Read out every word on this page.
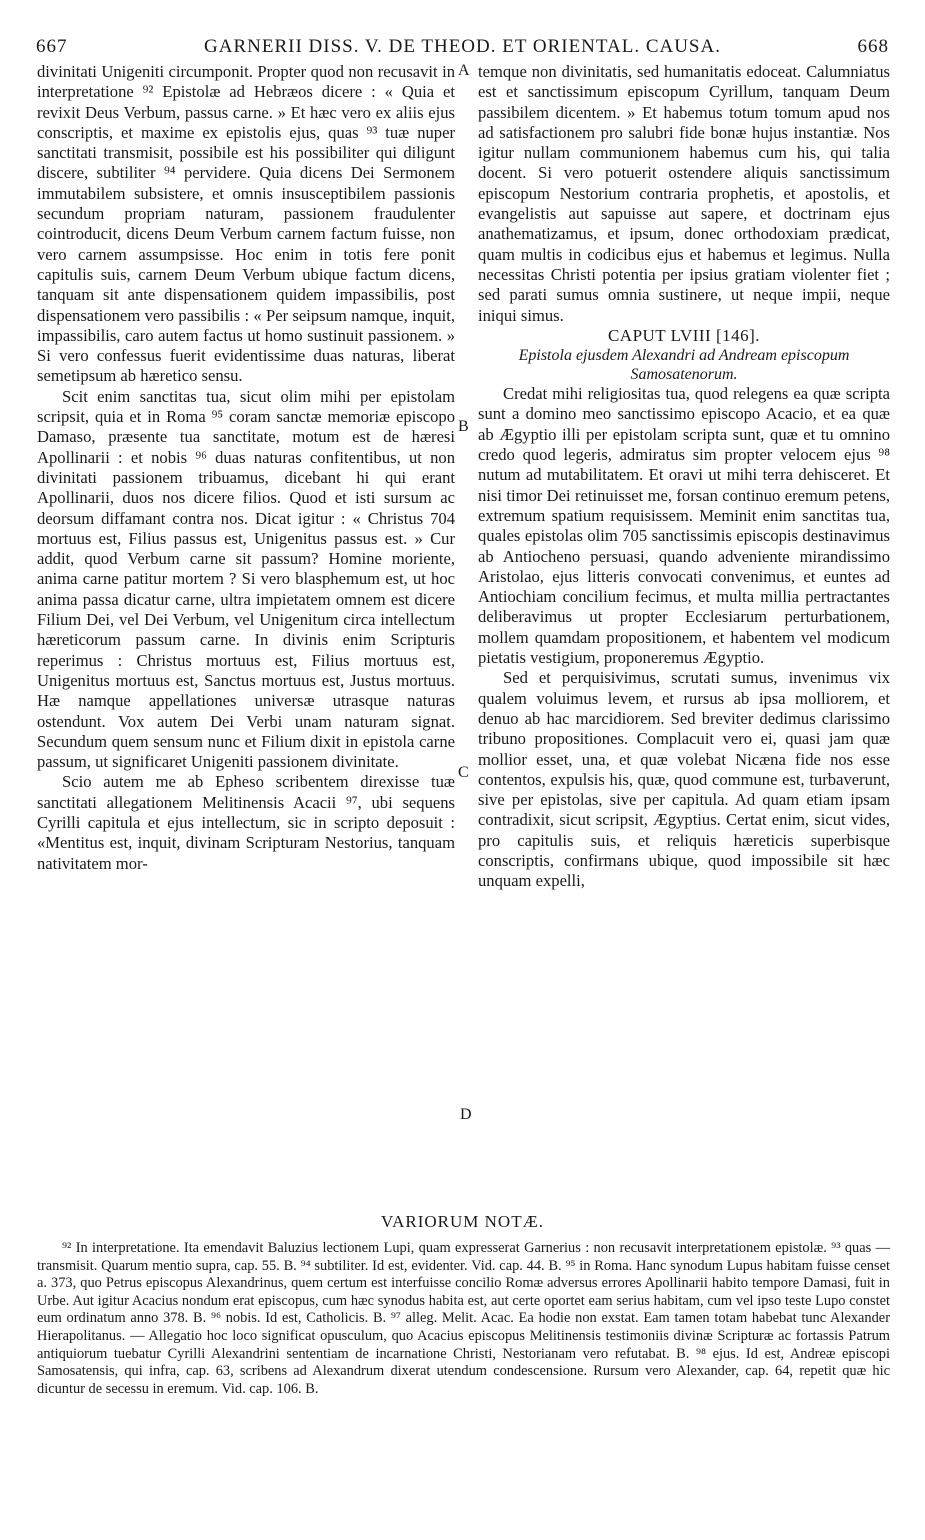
667	GARNERII DISS. V. DE THEOD. ET ORIENTAL. CAUSA.	668
A
B
C
D

divinitati Unigeniti circumponit. Propter quod non recusavit in interpretatione ⁹² Epistolæ ad Hebræos dicere : « Quia et revixit Deus Verbum, passus carne. » Et hæc vero ex aliis ejus conscriptis, et maxime ex epistolis ejus, quas ⁹³ tuæ nuper sanctitati transmisit, possibile est his possibiliter qui diligunt discere, subtiliter ⁹⁴ pervidere. Quia dicens Dei Sermonem immutabilem subsistere, et omnis insusceptibilem passionis secundum propriam naturam, passionem fraudulenter cointroducit, dicens Deum Verbum carnem factum fuisse, non vero carnem assumpsisse. Hoc enim in totis fere ponit capitulis suis, carnem Deum Verbum ubique factum dicens, tanquam sit ante dispensationem quidem impassibilis, post dispensationem vero passibilis : « Per seipsum namque, inquit, impassibilis, caro autem factus ut homo sustinuit passionem. » Si vero confessus fuerit evidentissime duas naturas, liberat semetipsum ab hæretico sensu.

Scit enim sanctitas tua, sicut olim mihi per epistolam scripsit, quia et in Roma ⁹⁵ coram sanctæ memoriæ episcopo Damaso, præsente tua sanctitate, motum est de hæresi Apollinarii : et nobis ⁹⁶ duas naturas confitentibus, ut non divinitati passionem tribuamus, dicebant hi qui erant Apollinarii, duos nos dicere filios. Quod et isti sursum ac deorsum diffamant contra nos. Dicat igitur : « Christus 704 mortuus est, Filius passus est, Unigenitus passus est. » Cur addit, quod Verbum carne sit passum? Homine moriente, anima carne patitur mortem ? Si vero blasphemum est, ut hoc anima passa dicatur carne, ultra impietatem omnem est dicere Filium Dei, vel Dei Verbum, vel Unigenitum circa intellectum hæreticorum passum carne. In divinis enim Scripturis reperimus : Christus mortuus est, Filius mortuus est, Unigenitus mortuus est, Sanctus mortuus est, Justus mortuus. Hæ namque appellationes universæ utrasque naturas ostendunt. Vox autem Dei Verbi unam naturam signat. Secundum quem sensum nunc et Filium dixit in epistola carne passum, ut significaret Unigeniti passionem divinitate.

Scio autem me ab Ephesо scribentem direxisse tuæ sanctitati allegationem Melitinensis Acacii ⁹⁷, ubi sequens Cyrilli capitula et ejus intellectum, sic in scripto deposuit : «Mentitus est, inquit, divinam Scripturam Nestorius, tanquam nativitatem mor-

temque non divinitatis, sed humanitatis edoceat. Calumniatus est et sanctissimum episcopum Cyrillum, tanquam Deum passibilem dicentem. » Et habemus totum tomum apud nos ad satisfactionem pro salubri fide bonæ hujus instantiæ. Nos igitur nullam communionem habemus cum his, qui talia docent. Si vero potuerit ostendere aliquis sanctissimum episcopum Nestorium contraria prophetis, et apostolis, et evangelistis aut sapuisse aut sapere, et doctrinam ejus anathematizamus, et ipsum, donec orthodoxiam prædicat, quam multis in codicibus ejus et habemus et legimus. Nulla necessitas Christi potentia per ipsius gratiam violenter fiet ; sed parati sumus omnia sustinere, ut neque impii, neque iniqui simus.

CAPUT LVIII [146].

Epistola ejusdem Alexandri ad Andream episcopum Samosatenorum.

Credat mihi religiositas tua, quod relegens ea quæ scripta sunt a domino meo sanctissimo episcopo Acacio, et ea quæ ab Ægyptio illi per epistolam scripta sunt, quæ et tu omnino credo quod legeris, admiratus sim propter velocem ejus ⁹⁸ nutum ad mutabilitatem. Et oravi ut mihi terra dehisceret. Et nisi timor Dei retinuisset me, forsan continuo eremum petens, extremum spatium requisissem. Meminit enim sanctitas tua, quales epistolas olim 705 sanctissimis episcopis destinavimus ab Antiocheno persuasi, quando adveniente mirandissimo Aristolao, ejus litteris convocati convenimus, et euntes ad Antiochiam concilium fecimus, et multa millia pertractantes deliberavimus ut propter Ecclesiarum perturbationem, mollem quamdam propositionem, et habentem vel modicum pietatis vestigium, proponeremus Ægyptio.

Sed et perquisivimus, scrutati sumus, invenimus vix qualem voluimus levem, et rursus ab ipsa molliorem, et denuo ab hac marcidiorem. Sed breviter dedimus clarissimo tribuno propositiones. Complacuit vero ei, quasi jam quæ mollior esset, una, et quæ volebat Nicæna fide nos esse contentos, expulsis his, quæ, quod commune est, turbaverunt, sive per epistolas, sive per capitula. Ad quam etiam ipsam contradixit, sicut scripsit, Ægyptius. Certat enim, sicut vides, pro capitulis suis, et reliquis hæreticis superbisque conscriptis, confirmans ubique, quod impossibile sit hæc unquam expelli,

VARIORUM NOTÆ.

⁹² In interpretatione. Ita emendavit Baluzius lectionem Lupi, quam expresserat Garnerius : non recusavit interpretationem epistolæ. ⁹³ quas — transmisit. Quarum mentio supra, cap. 55. B. ⁹⁴ subtiliter. Id est, evidenter. Vid. cap. 44. B. ⁹⁵ in Roma. Hanc synodum Lupus habitam fuisse censet a. 373, quo Petrus episcopus Alexandrinus, quem certum est interfuisse concilio Romæ adversus errores Apollinarii habito tempore Damasi, fuit in Urbe. Aut igitur Acacius nondum erat episcopus, cum hæc synodus habita est, aut certe oportet eam serius habitam, cum vel ipso teste Lupo constet eum ordinatum anno 378. B. ⁹⁶ nobis. Id est, Catholicis. B. ⁹⁷ alleg. Melit. Acac. Ea hodie non exstat. Eam tamen totam habebat tunc Alexander Hierapolitanus. — Allegatio hoc loco significat opusculum, quo Acacius episcopus Melitinensis testimoniis divinæ Scripturæ ac fortassis Patrum antiquiorum tuebatur Cyrilli Alexandrini sententiam de incarnatione Christi, Nestorianam vero refutabat. B. ⁹⁸ ejus. Id est, Andreæ episcopi Samosatensis, qui infra, cap. 63, scribens ad Alexandrum dixerat utendum condescensione. Rursum vero Alexander, cap. 64, repetit quæ hic dicuntur de secessu in eremum. Vid. cap. 106. B.
